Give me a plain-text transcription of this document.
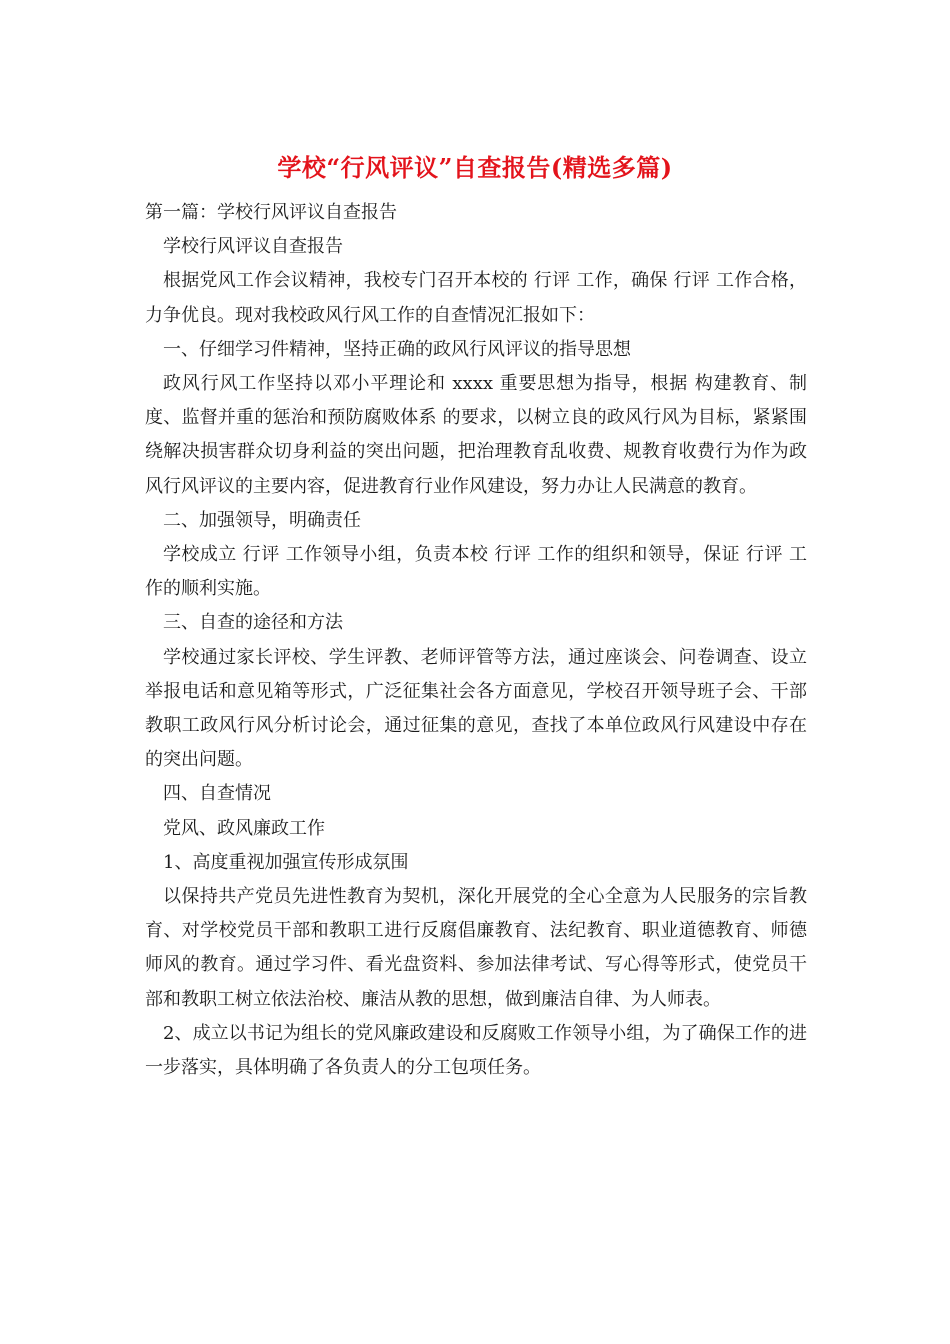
学校“行风评议”自查报告(精选多篇)

第一篇：学校行风评议自查报告

学校行风评议自查报告

根据党风工作会议精神，我校专门召开本校的 行评 工作，确保 行评 工作合格，力争优良。现对我校政风行风工作的自查情况汇报如下：

一、仔细学习件精神，坚持正确的政风行风评议的指导思想

政风行风工作坚持以邓小平理论和 xxxx 重要思想为指导，根据 构建教育、制度、监督并重的惩治和预防腐败体系 的要求，以树立良的政风行风为目标，紧紧围绕解决损害群众切身利益的突出问题，把治理教育乱收费、规教育收费行为作为政风行风评议的主要内容，促进教育行业作风建设，努力办让人民满意的教育。

二、加强领导，明确责任

学校成立 行评 工作领导小组，负责本校 行评 工作的组织和领导，保证 行评 工作的顺利实施。

三、自查的途径和方法

学校通过家长评校、学生评教、老师评管等方法，通过座谈会、问卷调查、设立举报电话和意见箱等形式，广泛征集社会各方面意见，学校召开领导班子会、干部教职工政风行风分析讨论会，通过征集的意见，查找了本单位政风行风建设中存在的突出问题。

四、自查情况

党风、政风廉政工作

1、高度重视加强宣传形成氛围

以保持共产党员先进性教育为契机，深化开展党的全心全意为人民服务的宗旨教育、对学校党员干部和教职工进行反腐倡廉教育、法纪教育、职业道德教育、师德师风的教育。通过学习件、看光盘资料、参加法律考试、写心得等形式，使党员干部和教职工树立依法治校、廉洁从教的思想，做到廉洁自律、为人师表。

2、成立以书记为组长的党风廉政建设和反腐败工作领导小组，为了确保工作的进一步落实，具体明确了各负责人的分工包项任务。
